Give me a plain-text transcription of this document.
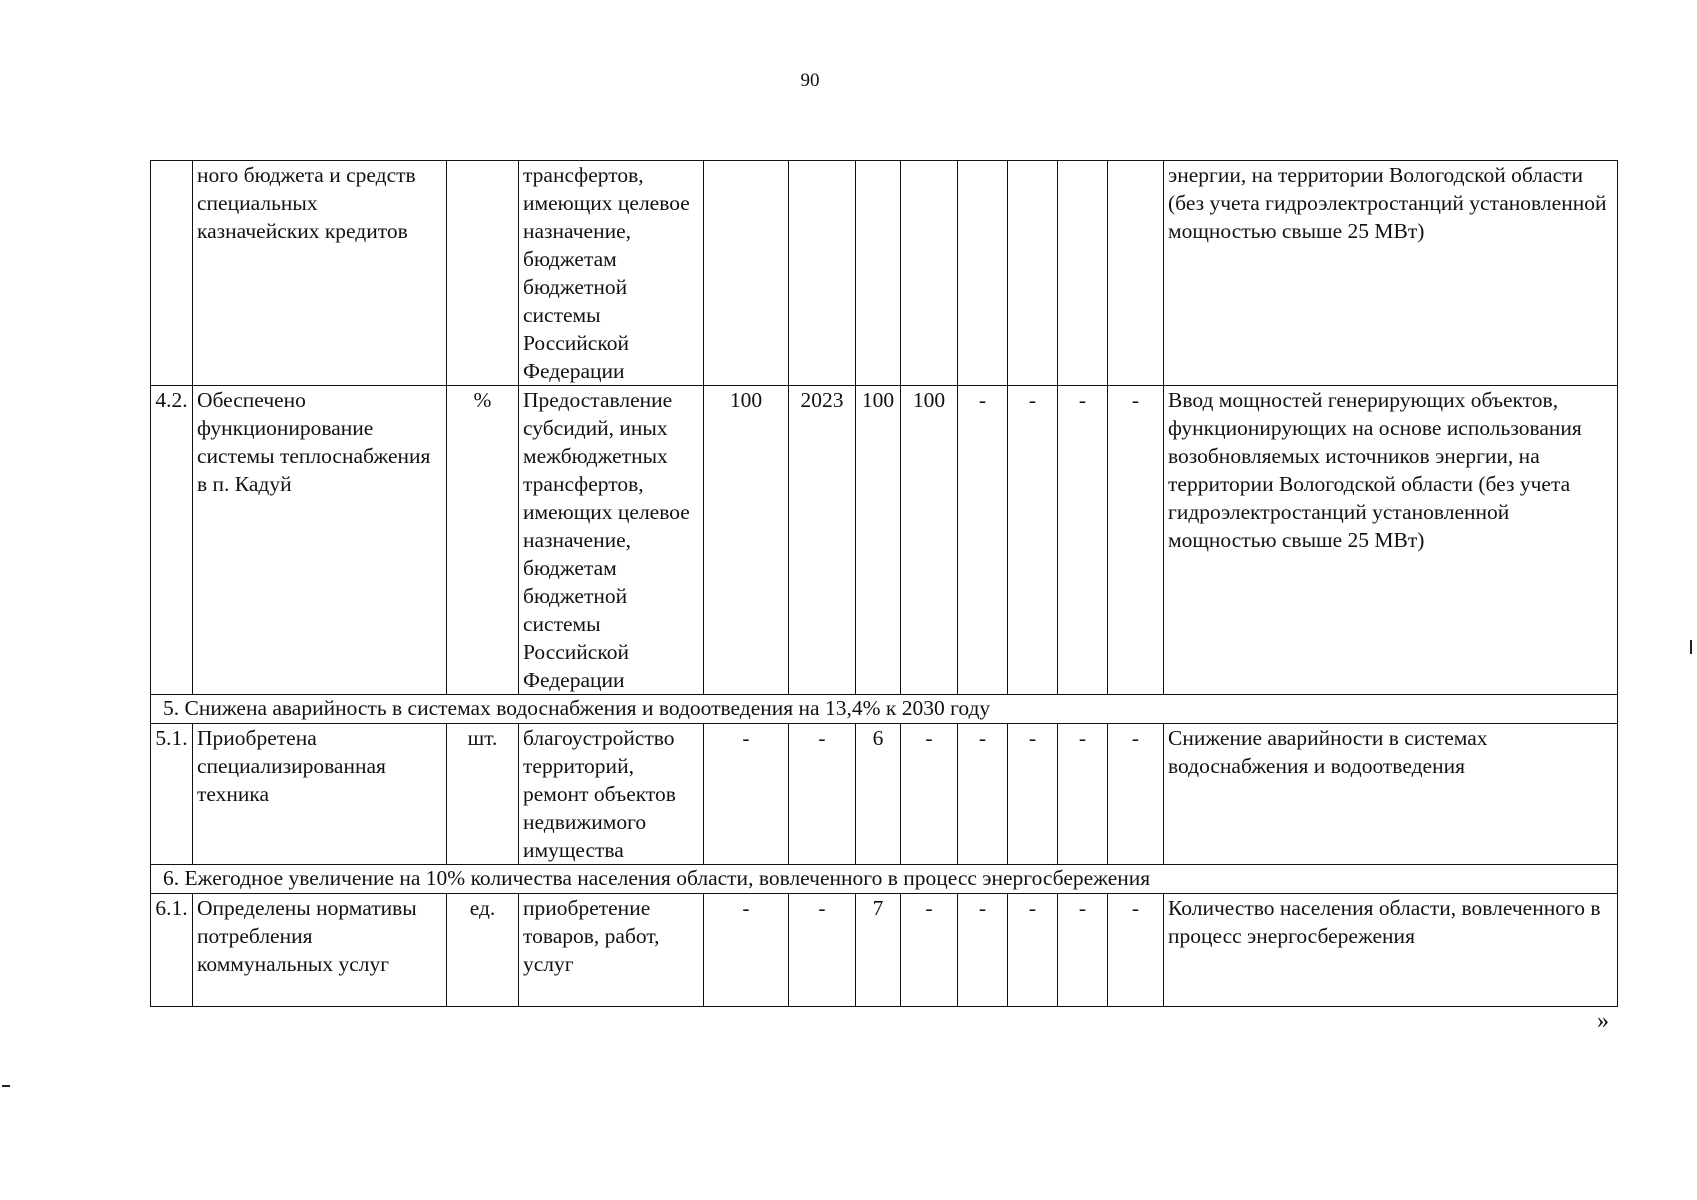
90
	ного бюджета и средств специальных казначейских кредитов		трансфертов, имеющих целевое назначение, бюджетам бюджетной системы Российской Федерации									энергии, на территории Вологодской области (без учета гидроэлектростанций установленной мощностью свыше 25 МВт)
4.2.	Обеспечено функционирование системы теплоснабжения в п. Кадуй	%	Предоставление субсидий, иных межбюджетных трансфертов, имеющих целевое назначение, бюджетам бюджетной системы Российской Федерации	100	2023	100	100	-	-	-	-	Ввод мощностей генерирующих объектов, функционирующих на основе использования возобновляемых источников энергии, на территории Вологодской области (без учета гидроэлектростанций установленной мощностью свыше 25 МВт)
5. Снижена аварийность в системах водоснабжения и водоотведения на 13,4% к 2030 году												
5.1.	Приобретена специализированная техника	шт.	благоустройство территорий, ремонт объектов недвижимого имущества	-	-	6	-	-	-	-	-	Снижение аварийности в системах водоснабжения и водоотведения
6. Ежегодное увеличение на 10% количества населения области, вовлеченного в процесс энергосбережения												
6.1.	Определены нормативы потребления коммунальных услуг	ед.	приобретение товаров, работ, услуг	-	-	7	-	-	-	-	-	Количество населения области, вовлеченного в процесс энергосбережения
»
